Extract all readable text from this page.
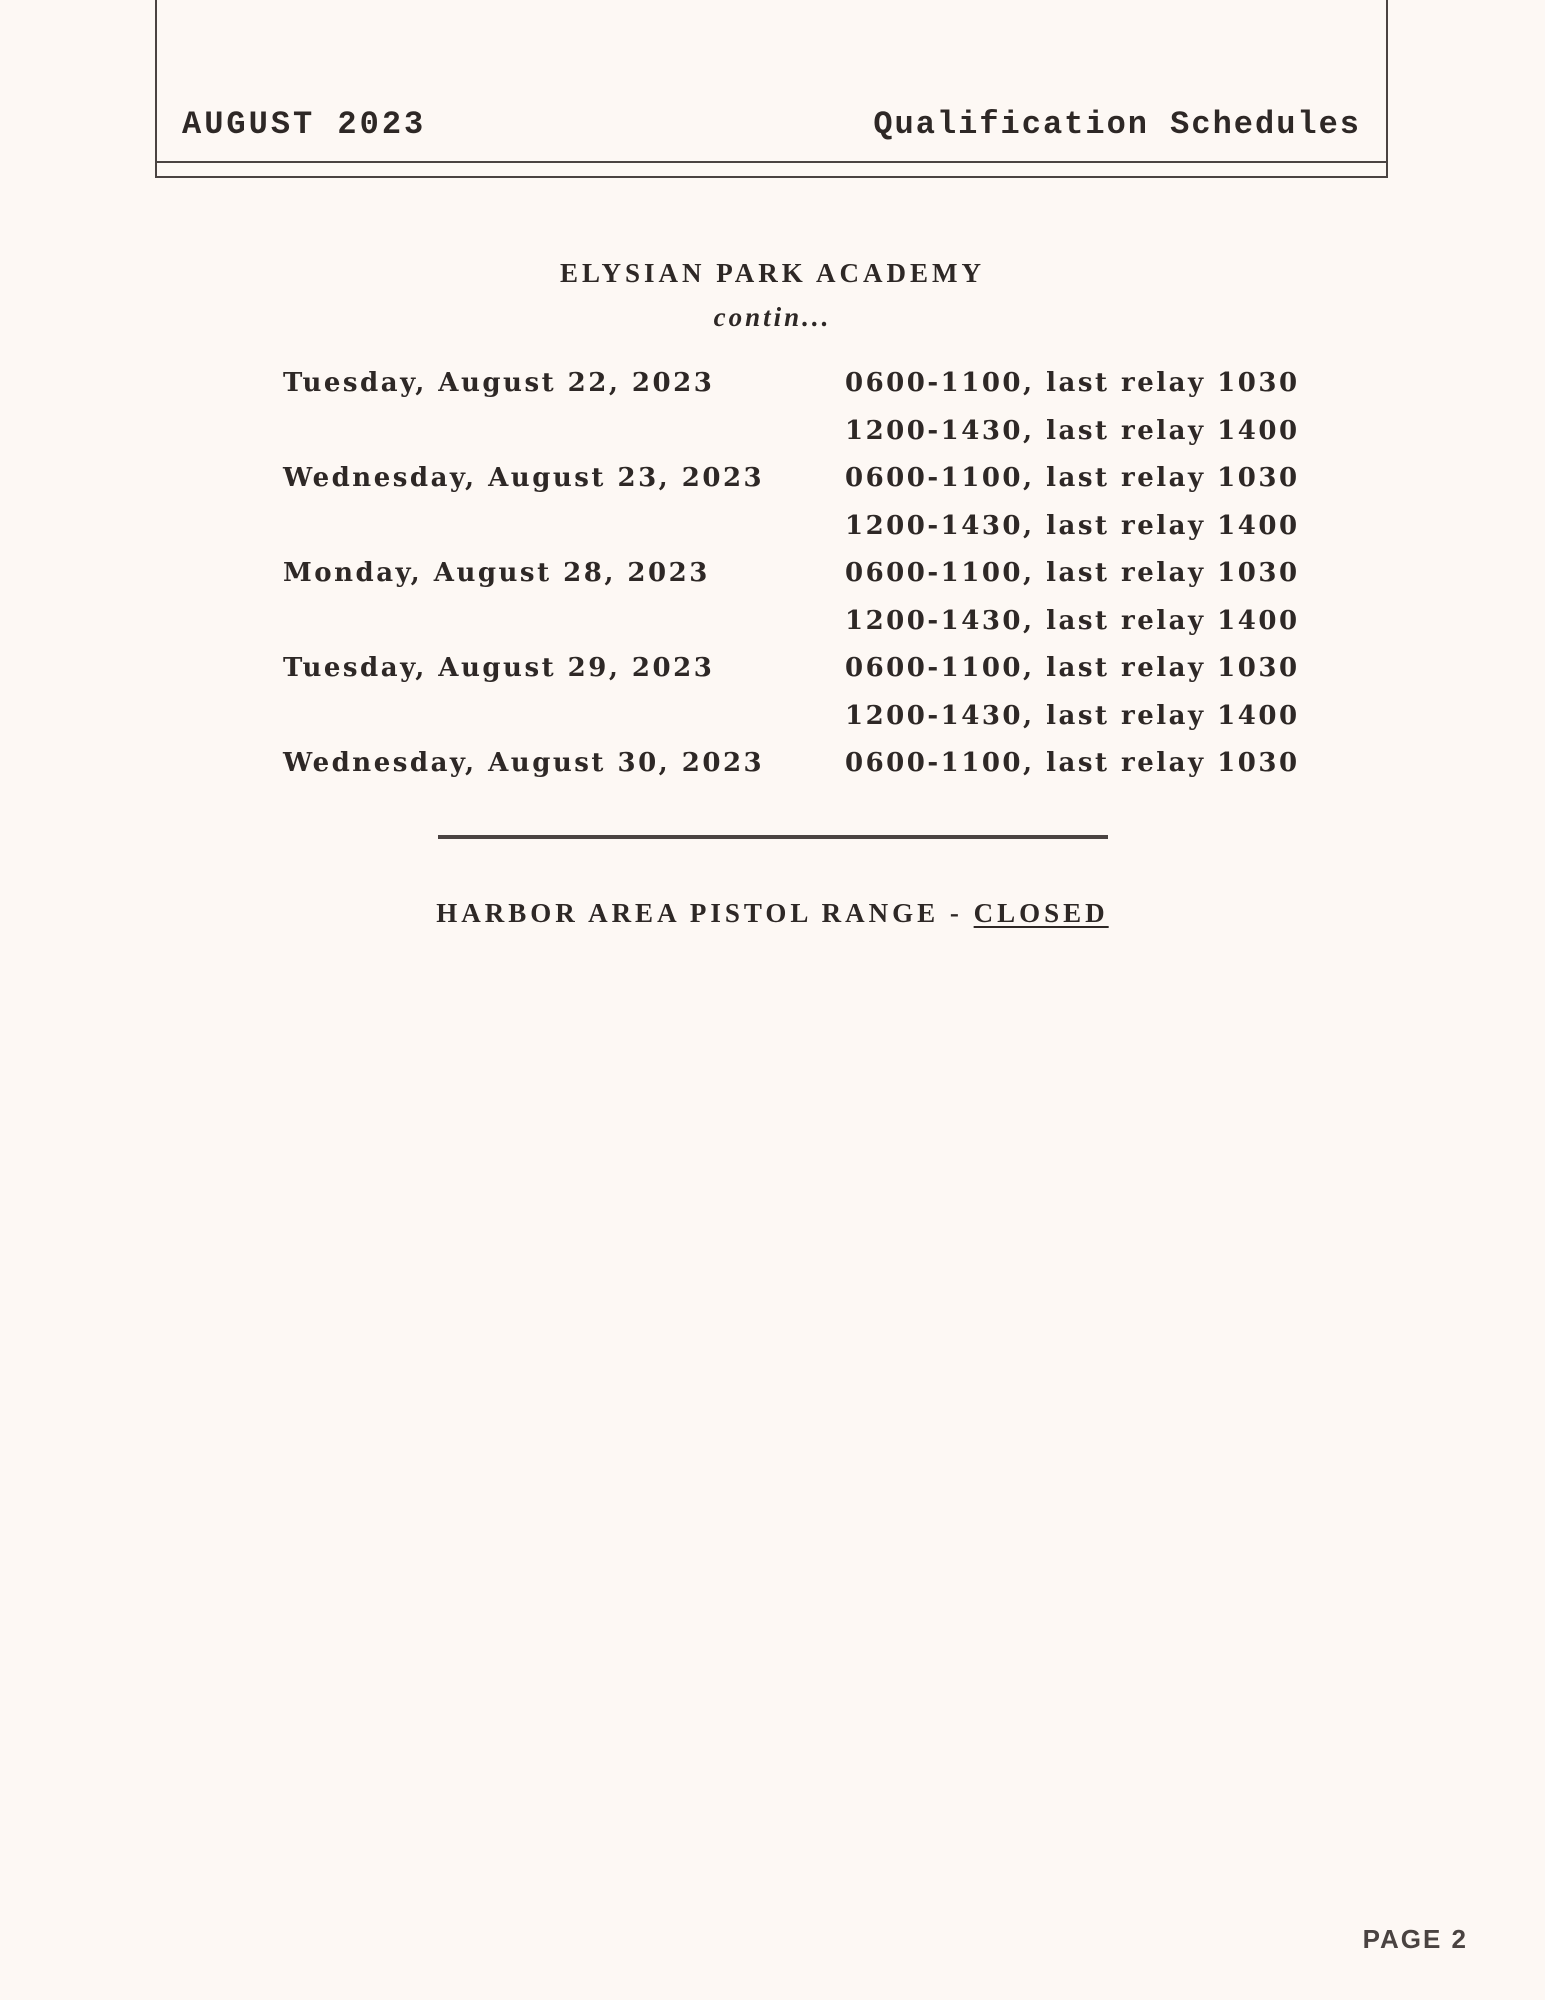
AUGUST 2023	Qualification Schedules
ELYSIAN PARK ACADEMY
contin...
Tuesday, August 22, 2023	0600-1100, last relay 1030
1200-1430, last relay 1400
Wednesday, August 23, 2023	0600-1100, last relay 1030
1200-1430, last relay 1400
Monday, August 28, 2023	0600-1100, last relay 1030
1200-1430, last relay 1400
Tuesday, August 29, 2023	0600-1100, last relay 1030
1200-1430, last relay 1400
Wednesday, August 30, 2023	0600-1100, last relay 1030
HARBOR AREA PISTOL RANGE - CLOSED
PAGE 2
